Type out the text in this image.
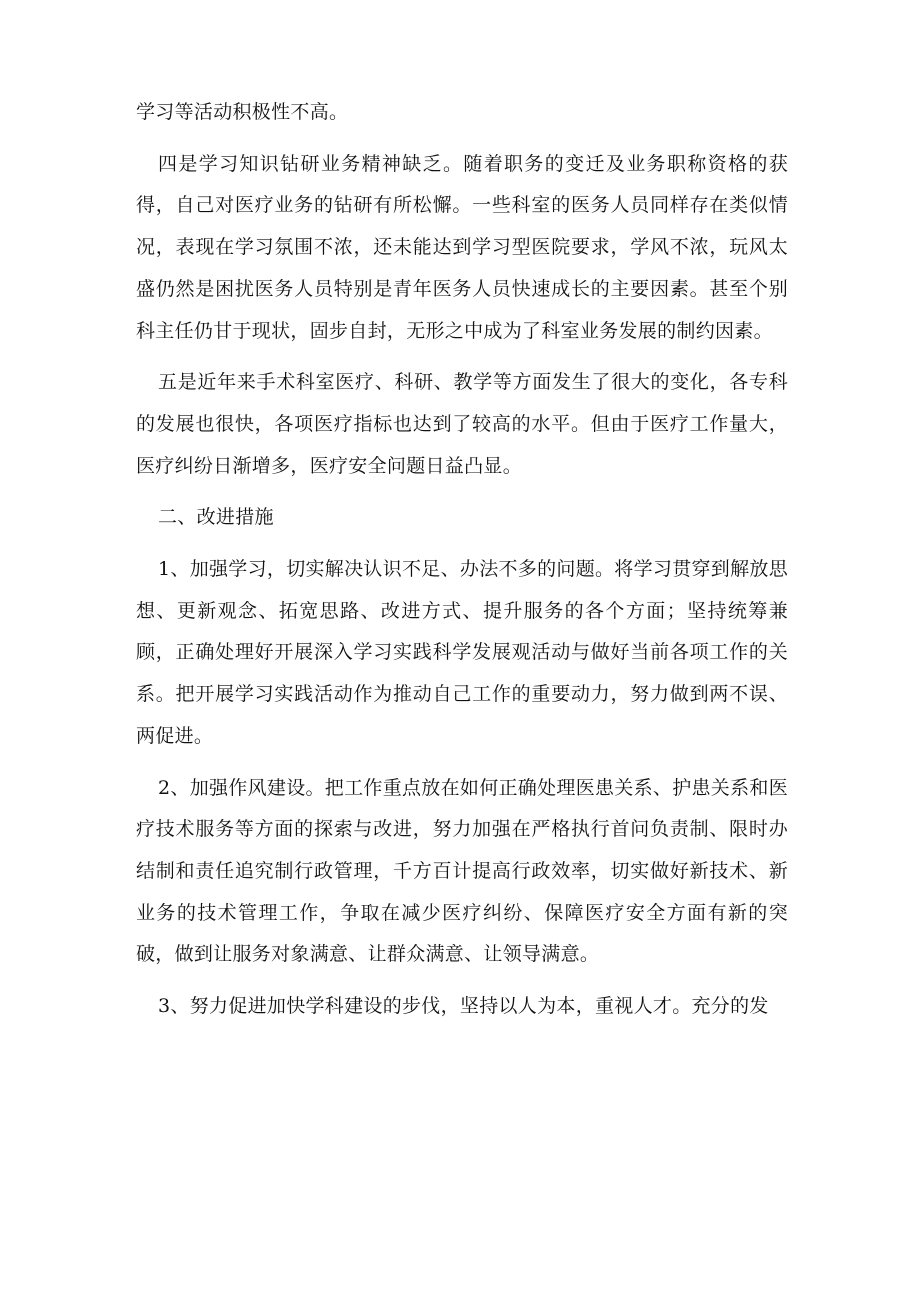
学习等活动积极性不高。

四是学习知识钻研业务精神缺乏。随着职务的变迁及业务职称资格的获得，自己对医疗业务的钻研有所松懈。一些科室的医务人员同样存在类似情况，表现在学习氛围不浓，还未能达到学习型医院要求，学风不浓，玩风太盛仍然是困扰医务人员特别是青年医务人员快速成长的主要因素。甚至个别科主任仍甘于现状，固步自封，无形之中成为了科室业务发展的制约因素。

五是近年来手术科室医疗、科研、教学等方面发生了很大的变化，各专科的发展也很快，各项医疗指标也达到了较高的水平。但由于医疗工作量大，医疗纠纷日渐增多，医疗安全问题日益凸显。

二、改进措施

1、加强学习，切实解决认识不足、办法不多的问题。将学习贯穿到解放思想、更新观念、拓宽思路、改进方式、提升服务的各个方面；坚持统筹兼顾，正确处理好开展深入学习实践科学发展观活动与做好当前各项工作的关系。把开展学习实践活动作为推动自己工作的重要动力，努力做到两不误、两促进。

2、加强作风建设。把工作重点放在如何正确处理医患关系、护患关系和医疗技术服务等方面的探索与改进，努力加强在严格执行首问负责制、限时办结制和责任追究制行政管理，千方百计提高行政效率，切实做好新技术、新业务的技术管理工作，争取在减少医疗纠纷、保障医疗安全方面有新的突破，做到让服务对象满意、让群众满意、让领导满意。

3、努力促进加快学科建设的步伐，坚持以人为本，重视人才。充分的发
